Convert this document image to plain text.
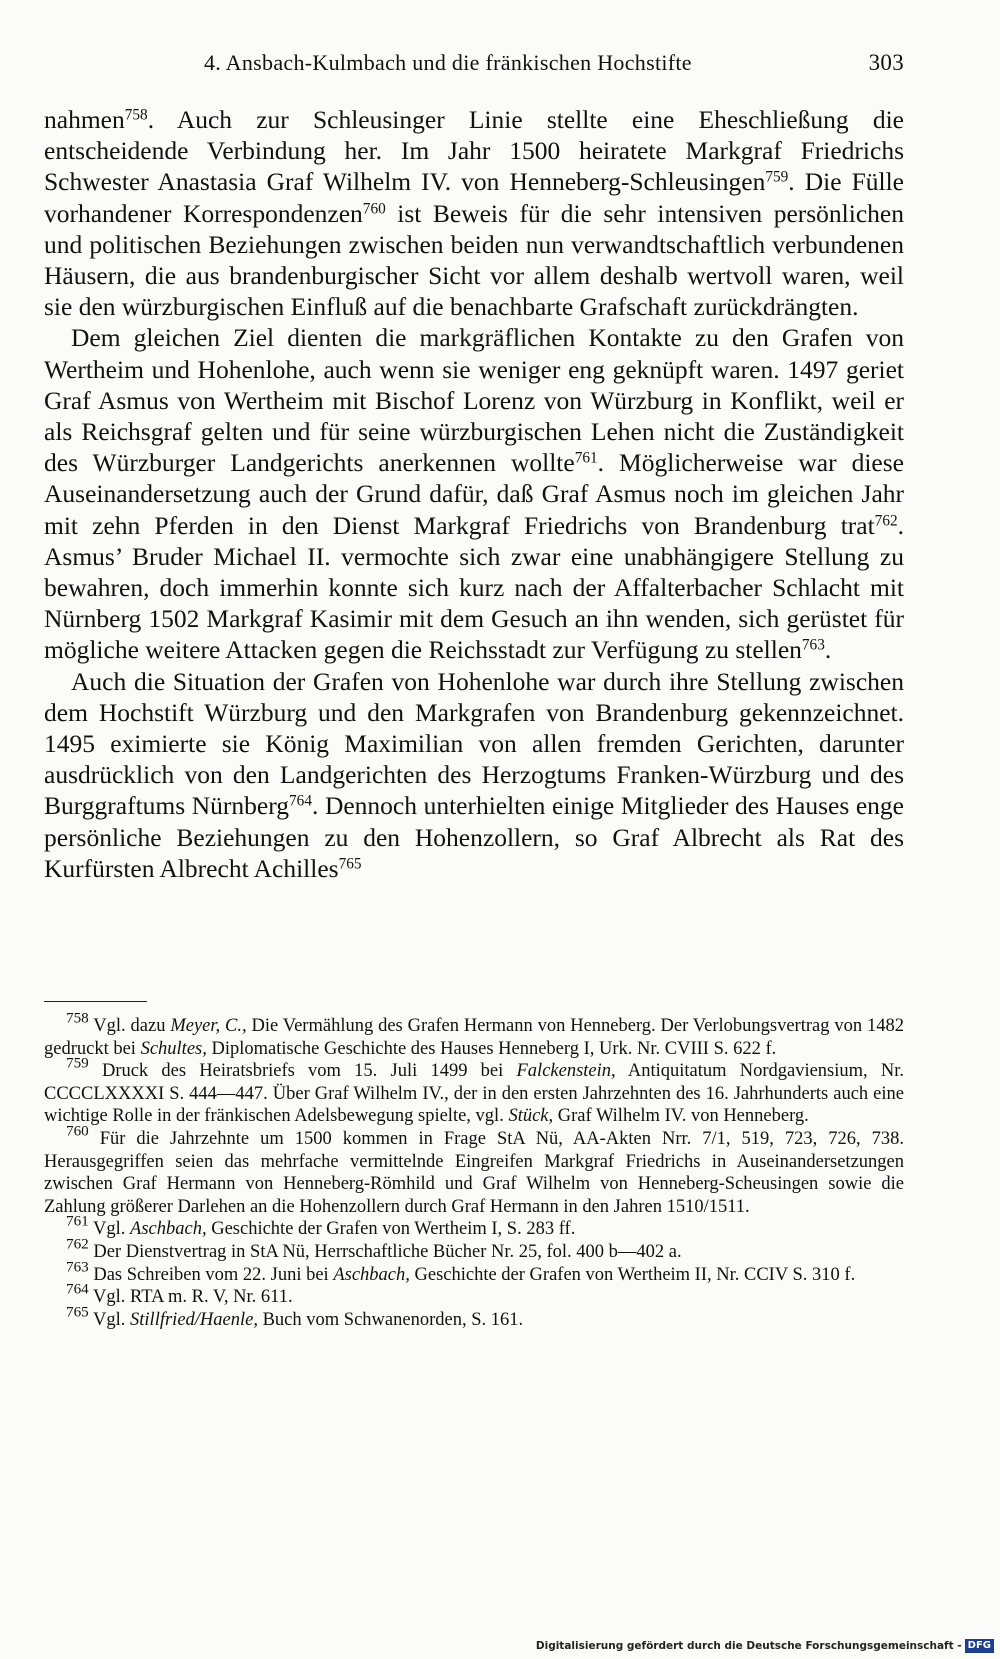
4. Ansbach-Kulmbach und die fränkischen Hochstifte	303

nahmen$^{758}$. Auch zur Schleusinger Linie stellte eine Eheschließung die entscheidende Verbindung her. Im Jahr 1500 heiratete Markgraf Friedrichs Schwester Anastasia Graf Wilhelm IV. von Henneberg-Schleusingen$^{759}$. Die Fülle vorhandener Korrespondenzen$^{760}$ ist Beweis für die sehr intensiven persönlichen und politischen Beziehungen zwischen beiden nun verwandtschaftlich verbundenen Häusern, die aus brandenburgischer Sicht vor allem deshalb wertvoll waren, weil sie den würzburgischen Einfluß auf die benachbarte Grafschaft zurückdrängten.

Dem gleichen Ziel dienten die markgräflichen Kontakte zu den Grafen von Wertheim und Hohenlohe, auch wenn sie weniger eng geknüpft waren. 1497 geriet Graf Asmus von Wertheim mit Bischof Lorenz von Würzburg in Konflikt, weil er als Reichsgraf gelten und für seine würzburgischen Lehen nicht die Zuständigkeit des Würzburger Landgerichts anerkennen wollte$^{761}$. Möglicherweise war diese Auseinandersetzung auch der Grund dafür, daß Graf Asmus noch im gleichen Jahr mit zehn Pferden in den Dienst Markgraf Friedrichs von Brandenburg trat$^{762}$. Asmus’ Bruder Michael II. vermochte sich zwar eine unabhängigere Stellung zu bewahren, doch immerhin konnte sich kurz nach der Affalterbacher Schlacht mit Nürnberg 1502 Markgraf Kasimir mit dem Gesuch an ihn wenden, sich gerüstet für mögliche weitere Attacken gegen die Reichsstadt zur Verfügung zu stellen$^{763}$.

Auch die Situation der Grafen von Hohenlohe war durch ihre Stellung zwischen dem Hochstift Würzburg und den Markgrafen von Brandenburg gekennzeichnet. 1495 eximierte sie König Maximilian von allen fremden Gerichten, darunter ausdrücklich von den Landgerichten des Herzogtums Franken-Würzburg und des Burggraftums Nürnberg$^{764}$. Dennoch unterhielten einige Mitglieder des Hauses enge persönliche Beziehungen zu den Hohenzollern, so Graf Albrecht als Rat des Kurfürsten Albrecht Achilles$^{765}$

$^{758}$ Vgl. dazu Meyer, C., Die Vermählung des Grafen Hermann von Henneberg. Der Verlobungsvertrag von 1482 gedruckt bei Schultes, Diplomatische Geschichte des Hauses Henneberg I, Urk. Nr. CVIII S. 622 f.

$^{759}$ Druck des Heiratsbriefs vom 15. Juli 1499 bei Falckenstein, Antiquitatum Nordgaviensium, Nr. CCCCLXXXXI S. 444—447. Über Graf Wilhelm IV., der in den ersten Jahrzehnten des 16. Jahrhunderts auch eine wichtige Rolle in der fränkischen Adelsbewegung spielte, vgl. Stück, Graf Wilhelm IV. von Henneberg.

$^{760}$ Für die Jahrzehnte um 1500 kommen in Frage StA Nü, AA-Akten Nrr. 7/1, 519, 723, 726, 738. Herausgegriffen seien das mehrfache vermittelnde Eingreifen Markgraf Friedrichs in Auseinandersetzungen zwischen Graf Hermann von Henneberg-Römhild und Graf Wilhelm von Henneberg-Scheusingen sowie die Zahlung größerer Darlehen an die Hohenzollern durch Graf Hermann in den Jahren 1510/1511.

$^{761}$ Vgl. Aschbach, Geschichte der Grafen von Wertheim I, S. 283 ff.

$^{762}$ Der Dienstvertrag in StA Nü, Herrschaftliche Bücher Nr. 25, fol. 400 b—402 a.

$^{763}$ Das Schreiben vom 22. Juni bei Aschbach, Geschichte der Grafen von Wertheim II, Nr. CCIV S. 310 f.

$^{764}$ Vgl. RTA m. R. V, Nr. 611.

$^{765}$ Vgl. Stillfried/Haenle, Buch vom Schwanenorden, S. 161.

Digitalisierung gefördert durch die Deutsche Forschungsgemeinschaft - DFG
